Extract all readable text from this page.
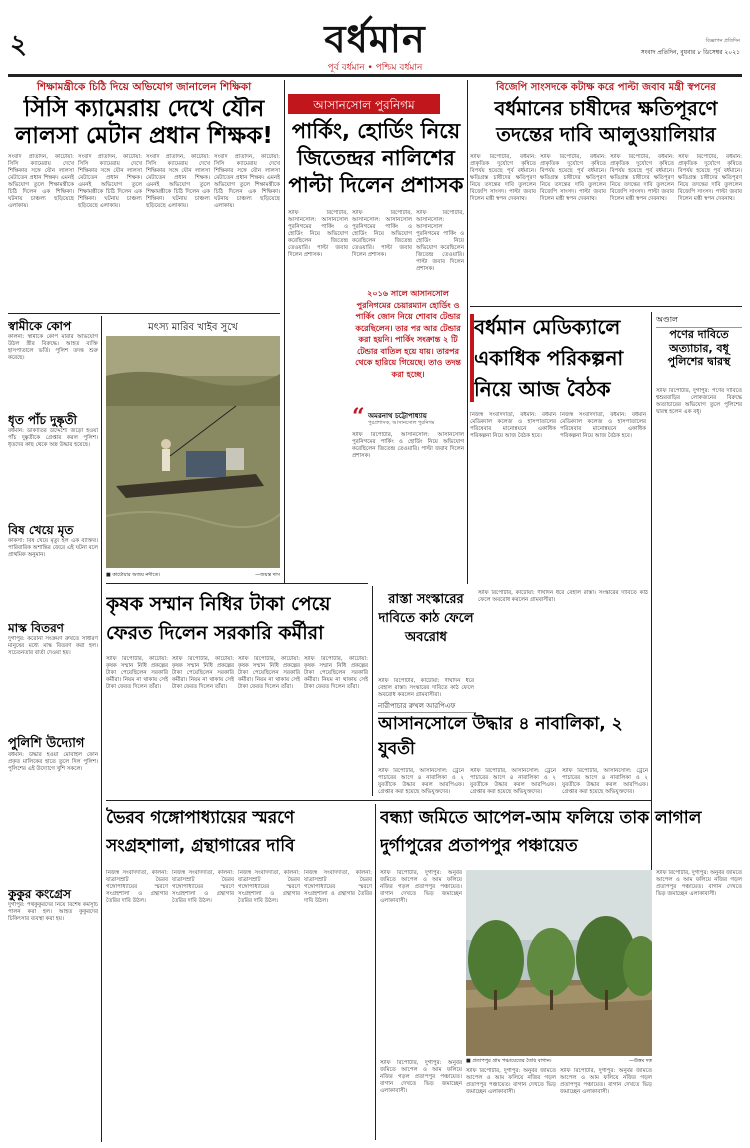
২	বর্ধমান
পূর্ব বর্ধমান • পশ্চিম বর্ধমান
বিজ্ঞাপন প্রতিদিন
সংবাদ প্রতিদিন, বুধবার ৮ ডিসেম্বর ২০২১
শিক্ষামন্ত্রীকে চিঠি দিয়ে অভিযোগ জানালেন শিক্ষিকা
সিসি ক্যামেরায় দেখে যৌন লালসা মেটান প্রধান শিক্ষক!
সংবাদ প্রতিদিন, কাটোয়া: সিসি ক্যামেরায় দেখে শিক্ষিকার সঙ্গে যৌন লালসা মেটাতেন প্রধান শিক্ষক। এমনই অভিযোগ তুলে শিক্ষামন্ত্রীকে চিঠি দিলেন এক শিক্ষিকা। ঘটনায় চাঞ্চল্য ছড়িয়েছে এলাকায়।
সংবাদ প্রতিদিন, কাটোয়া: সিসি ক্যামেরায় দেখে শিক্ষিকার সঙ্গে যৌন লালসা মেটাতেন প্রধান শিক্ষক। এমনই অভিযোগ তুলে শিক্ষামন্ত্রীকে চিঠি দিলেন এক শিক্ষিকা। ঘটনায় চাঞ্চল্য ছড়িয়েছে এলাকায়।
সংবাদ প্রতিদিন, কাটোয়া: সিসি ক্যামেরায় দেখে শিক্ষিকার সঙ্গে যৌন লালসা মেটাতেন প্রধান শিক্ষক। এমনই অভিযোগ তুলে শিক্ষামন্ত্রীকে চিঠি দিলেন এক শিক্ষিকা। ঘটনায় চাঞ্চল্য ছড়িয়েছে এলাকায়।
সংবাদ প্রতিদিন, কাটোয়া: সিসি ক্যামেরায় দেখে শিক্ষিকার সঙ্গে যৌন লালসা মেটাতেন প্রধান শিক্ষক। এমনই অভিযোগ তুলে শিক্ষামন্ত্রীকে চিঠি দিলেন এক শিক্ষিকা। ঘটনায় চাঞ্চল্য ছড়িয়েছে এলাকায়।
স্বামীকে কোপ
কালনা: স্বামীকে কোপ মারার অভিযোগ উঠল স্ত্রীর বিরুদ্ধে। আহত ব্যক্তি হাসপাতালে ভর্তি। পুলিশ তদন্ত শুরু করেছে।
ধৃত পাঁচ দুষ্কৃতী
বর্ধমান: ডাকাতির উদ্দেশ্যে জড়ো হওয়া পাঁচ দুষ্কৃতীকে গ্রেপ্তার করল পুলিশ। ধৃতদের কাছ থেকে অস্ত্র উদ্ধার হয়েছে।
বিষ খেয়ে মৃত
কাঁকসা: বিষ খেয়ে মৃত্যু হল এক ব্যক্তির। পারিবারিক অশান্তির জেরে এই ঘটনা বলে প্রাথমিক অনুমান।
মাস্ক বিতরণ
দুর্গাপুর: করোনা সংক্রমণ রুখতে সাধারণ মানুষের মধ্যে মাস্ক বিতরণ করা হল। সচেতনতার বার্তা দেওয়া হয়।
পুলিশি উদ্যোগ
বর্ধমান: উদ্ধার হওয়া মোবাইল ফোন প্রকৃত মালিকের হাতে তুলে দিল পুলিশ। পুলিশের এই উদ্যোগে খুশি সকলে।
কুকুর কংগ্রেস
দুর্গাপুর: পথকুকুরদের নিয়ে বিশেষ কর্মসূচি পালন করা হল। আহত কুকুরদের চিকিৎসার ব্যবস্থা করা হয়।
মৎস্য মারিব খাইব সুখে
■ কাটোয়ার অজয় নদীতে।	—জয়ন্ত দাস
আসানসোল পুরনিগম
পার্কিং, হোর্ডিং নিয়ে জিতেন্দ্রর নালিশের পাল্টা দিলেন প্রশাসক
স্টাফ রিপোর্টার, আসানসোল: আসানসোল পুরনিগমের পার্কিং ও হোর্ডিং নিয়ে অভিযোগ করেছিলেন জিতেন্দ্র তেওয়ারি। পাল্টা জবাব দিলেন প্রশাসক।
স্টাফ রিপোর্টার, আসানসোল: আসানসোল পুরনিগমের পার্কিং ও হোর্ডিং নিয়ে অভিযোগ করেছিলেন জিতেন্দ্র তেওয়ারি। পাল্টা জবাব দিলেন প্রশাসক।
স্টাফ রিপোর্টার, আসানসোল: আসানসোল পুরনিগমের পার্কিং ও হোর্ডিং নিয়ে অভিযোগ করেছিলেন জিতেন্দ্র তেওয়ারি। পাল্টা জবাব দিলেন প্রশাসক।
২০১৬ সালে আসানসোল পুরনিগমের চেয়ারম্যান হোর্ডিং ও পার্কিং জোন নিয়ে শোবাব টেন্ডার করেছিলেন। তার পর আর টেন্ডার করা হয়নি। পার্কিং সংক্রান্ত ২ টি টেন্ডার বাতিল হয়ে যায়। তারপর থেকে হারিয়ে গিয়েছে। তাও তদন্ত করা হচ্ছে।
“ অমরনাথ চট্টোপাধ্যায়
পুরপ্রশাসক, আসানসোল পুরনিগম
স্টাফ রিপোর্টার, আসানসোল: আসানসোল পুরনিগমের পার্কিং ও হোর্ডিং নিয়ে অভিযোগ করেছিলেন জিতেন্দ্র তেওয়ারি। পাল্টা জবাব দিলেন প্রশাসক।
বিজেপি সাংসদকে কটাক্ষ করে পাল্টা জবাব মন্ত্রী স্বপনের
বর্ধমানের চাষীদের ক্ষতিপূরণে তদন্তের দাবি আলুওয়ালিয়ার
স্টাফ রিপোর্টার, বর্ধমান: প্রাকৃতিক দুর্যোগে কৃষিতে বিপর্যয় হয়েছে পূর্ব বর্ধমানে। ক্ষতিগ্রস্ত চাষীদের ক্ষতিপূরণ নিয়ে তদন্তের দাবি তুললেন বিজেপি সাংসদ। পাল্টা জবাব দিলেন মন্ত্রী স্বপন দেবনাথ।
স্টাফ রিপোর্টার, বর্ধমান: প্রাকৃতিক দুর্যোগে কৃষিতে বিপর্যয় হয়েছে পূর্ব বর্ধমানে। ক্ষতিগ্রস্ত চাষীদের ক্ষতিপূরণ নিয়ে তদন্তের দাবি তুললেন বিজেপি সাংসদ। পাল্টা জবাব দিলেন মন্ত্রী স্বপন দেবনাথ।
স্টাফ রিপোর্টার, বর্ধমান: প্রাকৃতিক দুর্যোগে কৃষিতে বিপর্যয় হয়েছে পূর্ব বর্ধমানে। ক্ষতিগ্রস্ত চাষীদের ক্ষতিপূরণ নিয়ে তদন্তের দাবি তুললেন বিজেপি সাংসদ। পাল্টা জবাব দিলেন মন্ত্রী স্বপন দেবনাথ।
স্টাফ রিপোর্টার, বর্ধমান: প্রাকৃতিক দুর্যোগে কৃষিতে বিপর্যয় হয়েছে পূর্ব বর্ধমানে। ক্ষতিগ্রস্ত চাষীদের ক্ষতিপূরণ নিয়ে তদন্তের দাবি তুললেন বিজেপি সাংসদ। পাল্টা জবাব দিলেন মন্ত্রী স্বপন দেবনাথ।
বর্ধমান মেডিক্যালে একাধিক পরিকল্পনা নিয়ে আজ বৈঠক
নিজস্ব সংবাদদাতা, বর্ধমান: বর্ধমান মেডিক্যাল কলেজ ও হাসপাতালের পরিষেবার মানোন্নয়নে একাধিক পরিকল্পনা নিয়ে আজ বৈঠক হবে।
নিজস্ব সংবাদদাতা, বর্ধমান: বর্ধমান মেডিক্যাল কলেজ ও হাসপাতালের পরিষেবার মানোন্নয়নে একাধিক পরিকল্পনা নিয়ে আজ বৈঠক হবে।
অণ্ডাল
পণের দাবিতে অত্যাচার, বধূ পুলিশের দ্বারস্থ
স্টাফ রিপোর্টার, দুর্গাপুর: পণের দাবিতে শ্বশুরবাড়ির লোকজনের বিরুদ্ধে অত্যাচারের অভিযোগ তুলে পুলিশের দ্বারস্থ হলেন এক বধূ।
কৃষক সম্মান নিধির টাকা পেয়ে ফেরত দিলেন সরকারি কর্মীরা
স্টাফ রিপোর্টার, কাটোয়া: কৃষক সম্মান নিধি প্রকল্পের টাকা পেয়েছিলেন সরকারি কর্মীরা। নিয়ম না থাকায় সেই টাকা ফেরত দিলেন তাঁরা।
স্টাফ রিপোর্টার, কাটোয়া: কৃষক সম্মান নিধি প্রকল্পের টাকা পেয়েছিলেন সরকারি কর্মীরা। নিয়ম না থাকায় সেই টাকা ফেরত দিলেন তাঁরা।
স্টাফ রিপোর্টার, কাটোয়া: কৃষক সম্মান নিধি প্রকল্পের টাকা পেয়েছিলেন সরকারি কর্মীরা। নিয়ম না থাকায় সেই টাকা ফেরত দিলেন তাঁরা।
স্টাফ রিপোর্টার, কাটোয়া: কৃষক সম্মান নিধি প্রকল্পের টাকা পেয়েছিলেন সরকারি কর্মীরা। নিয়ম না থাকায় সেই টাকা ফেরত দিলেন তাঁরা।
রাস্তা সংস্কারের দাবিতে কাঠ ফেলে অবরোধ
স্টাফ রিপোর্টার, কাটোয়া: দীর্ঘদিন ধরে বেহাল রাস্তা। সংস্কারের দাবিতে কাঠ ফেলে অবরোধ করলেন গ্রামবাসীরা।
নারীপাচার রুখল আরপিএফ
আসানসোলে উদ্ধার ৪ নাবালিকা, ২ যুবতী
স্টাফ রিপোর্টার, আসানসোল: ট্রেনে পাচারের আগে ৪ নাবালিকা ও ২ যুবতীকে উদ্ধার করল আরপিএফ। গ্রেপ্তার করা হয়েছে অভিযুক্তদের।
স্টাফ রিপোর্টার, আসানসোল: ট্রেনে পাচারের আগে ৪ নাবালিকা ও ২ যুবতীকে উদ্ধার করল আরপিএফ। গ্রেপ্তার করা হয়েছে অভিযুক্তদের।
স্টাফ রিপোর্টার, আসানসোল: ট্রেনে পাচারের আগে ৪ নাবালিকা ও ২ যুবতীকে উদ্ধার করল আরপিএফ। গ্রেপ্তার করা হয়েছে অভিযুক্তদের।
স্টাফ রিপোর্টার, কাটোয়া: দীর্ঘদিন ধরে বেহাল রাস্তা। সংস্কারের দাবিতে কাঠ ফেলে অবরোধ করলেন গ্রামবাসীরা।
ভৈরব গঙ্গোপাধ্যায়ের স্মরণে সংগ্রহশালা, গ্রন্থাগারের দাবি
নিজস্ব সংবাদদাতা, কালনা: যাত্রাসম্রাট ভৈরব গঙ্গোপাধ্যায়ের স্মরণে সংগ্রহশালা ও গ্রন্থাগার তৈরির দাবি উঠল।
নিজস্ব সংবাদদাতা, কালনা: যাত্রাসম্রাট ভৈরব গঙ্গোপাধ্যায়ের স্মরণে সংগ্রহশালা ও গ্রন্থাগার তৈরির দাবি উঠল।
নিজস্ব সংবাদদাতা, কালনা: যাত্রাসম্রাট ভৈরব গঙ্গোপাধ্যায়ের স্মরণে সংগ্রহশালা ও গ্রন্থাগার তৈরির দাবি উঠল।
নিজস্ব সংবাদদাতা, কালনা: যাত্রাসম্রাট ভৈরব গঙ্গোপাধ্যায়ের স্মরণে সংগ্রহশালা ও গ্রন্থাগার তৈরির দাবি উঠল।
বন্ধ্যা জমিতে আপেল-আম ফলিয়ে তাক লাগাল দুর্গাপুরের প্রতাপপুর পঞ্চায়েত
স্টাফ রিপোর্টার, দুর্গাপুর: অনুর্বর জমিতে আপেল ও আম ফলিয়ে নজির গড়ল প্রতাপপুর পঞ্চায়েত। বাগান দেখতে ভিড় জমাচ্ছেন এলাকাবাসী।
স্টাফ রিপোর্টার, দুর্গাপুর: অনুর্বর জমিতে আপেল ও আম ফলিয়ে নজির গড়ল প্রতাপপুর পঞ্চায়েত। বাগান দেখতে ভিড় জমাচ্ছেন এলাকাবাসী।
■ প্রতাপপুর গ্রাম পঞ্চায়েতের তৈরি বাগান।	—উত্তম দত্ত
স্টাফ রিপোর্টার, দুর্গাপুর: অনুর্বর জমিতে আপেল ও আম ফলিয়ে নজির গড়ল প্রতাপপুর পঞ্চায়েত। বাগান দেখতে ভিড় জমাচ্ছেন এলাকাবাসী।
স্টাফ রিপোর্টার, দুর্গাপুর: অনুর্বর জমিতে আপেল ও আম ফলিয়ে নজির গড়ল প্রতাপপুর পঞ্চায়েত। বাগান দেখতে ভিড় জমাচ্ছেন এলাকাবাসী।
স্টাফ রিপোর্টার, দুর্গাপুর: অনুর্বর জমিতে আপেল ও আম ফলিয়ে নজির গড়ল প্রতাপপুর পঞ্চায়েত। বাগান দেখতে ভিড় জমাচ্ছেন এলাকাবাসী।
